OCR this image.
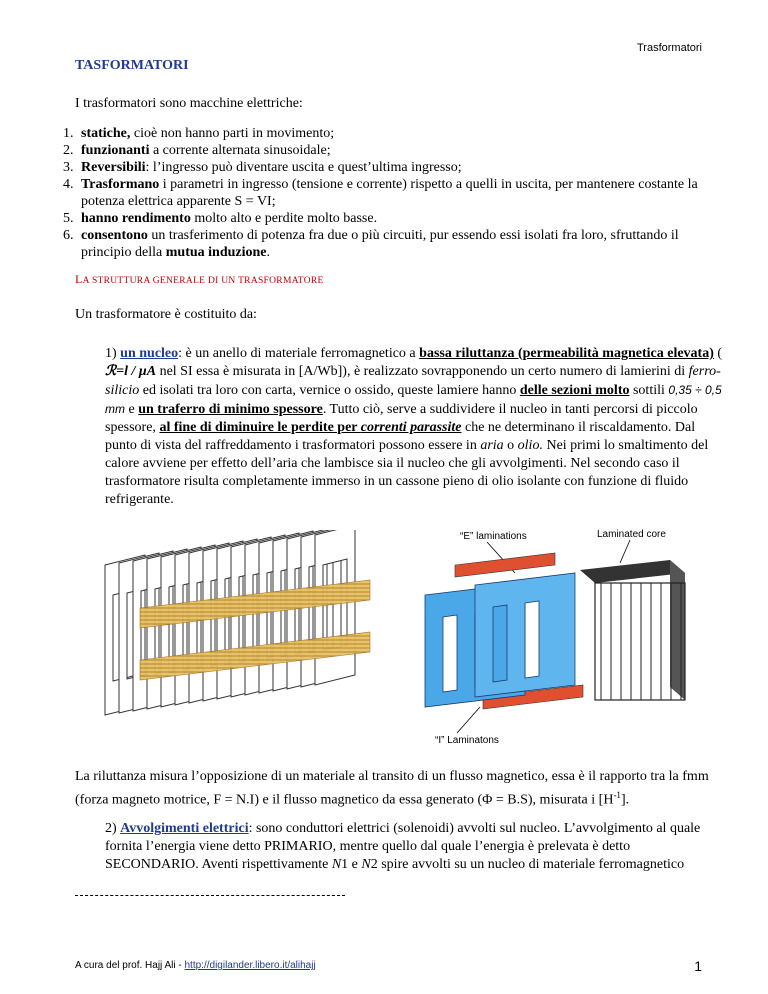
Trasformatori
TASFORMATORI
I trasformatori sono macchine elettriche:
1. statiche, cioè non hanno parti in movimento;
2. funzionanti a corrente alternata sinusoidale;
3. Reversibili: l’ingresso può diventare uscita e quest’ultima ingresso;
4. Trasformano i parametri in ingresso (tensione e corrente) rispetto a quelli in uscita, per mantenere costante la potenza elettrica apparente S = VI;
5. hanno rendimento molto alto e perdite molto basse.
6. consentono un trasferimento di potenza fra due o più circuiti, pur essendo essi isolati fra loro, sfruttando il principio della mutua induzione.
LA STRUTTURA GENERALE DI UN TRASFORMATORE
Un trasformatore è costituito da:
1) un nucleo: è un anello di materiale ferromagnetico a bassa riluttanza (permeabilità magnetica elevata) ( ℛ=l / μA nel SI essa è misurata in [A/Wb]), è realizzato sovrapponendo un certo numero di lamierini di ferro-silicio ed isolati tra loro con carta, vernice o ossido, queste lamiere hanno delle sezioni molto sottili 0,35 ÷ 0,5 mm e un traferro di minimo spessore. Tutto ciò, serve a suddividere il nucleo in tanti percorsi di piccolo spessore, al fine di diminuire le perdite per correnti parassite che ne determinano il riscaldamento. Dal punto di vista del raffreddamento i trasformatori possono essere in aria o olio. Nei primi lo smaltimento del calore avviene per effetto dell’aria che lambisce sia il nucleo che gli avvolgimenti. Nel secondo caso il trasformatore risulta completamente immerso in un cassone pieno di olio isolante con funzione di fluido refrigerante.
“E” laminations	Laminated core
“I” Laminatons
La riluttanza misura l’opposizione di un materiale al transito di un flusso magnetico, essa è il rapporto tra la fmm (forza magneto motrice, F = N.I) e il flusso magnetico da essa generato (Φ = B.S), misurata i $[H^{-1}]$.
2) Avvolgimenti elettrici: sono conduttori elettrici (solenoidi) avvolti sul nucleo. L’avvolgimento al quale fornita l’energia viene detto PRIMARIO, mentre quello dal quale l’energia è prelevata è detto SECONDARIO. Aventi rispettivamente N1 e N2 spire avvolti su un nucleo di materiale ferromagnetico
A cura del prof. Hajj Ali - http://digilander.libero.it/alihajj	1
